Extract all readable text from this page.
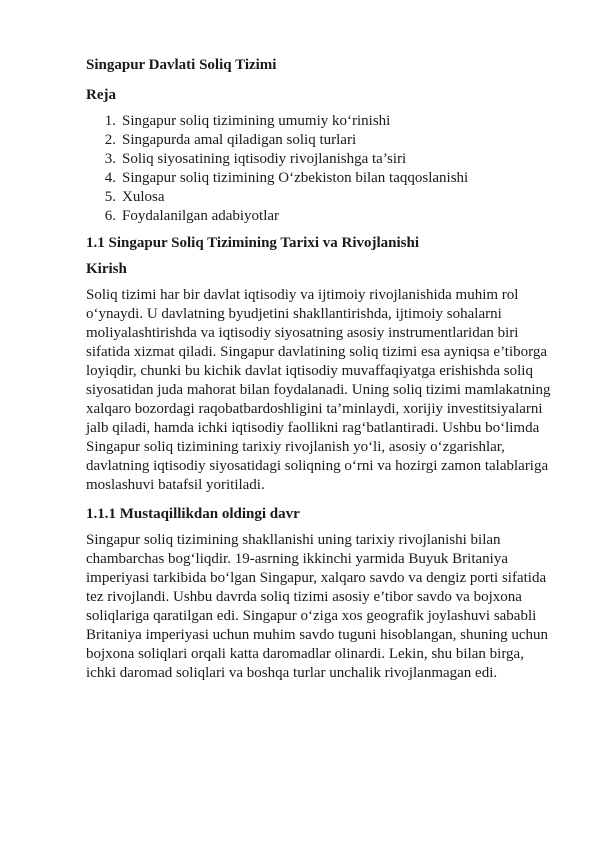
Singapur Davlati Soliq Tizimi

Reja

1. Singapur soliq tizimining umumiy ko‘rinishi
2. Singapurda amal qiladigan soliq turlari
3. Soliq siyosatining iqtisodiy rivojlanishga ta’siri
4. Singapur soliq tizimining O‘zbekiston bilan taqqoslanishi
5. Xulosa
6. Foydalanilgan adabiyotlar

1.1 Singapur Soliq Tizimining Tarixi va Rivojlanishi

Kirish

Soliq tizimi har bir davlat iqtisodiy va ijtimoiy rivojlanishida muhim rol o‘ynaydi. U davlatning byudjetini shakllantirishda, ijtimoiy sohalarni moliyalashtirishda va iqtisodiy siyosatning asosiy instrumentlaridan biri sifatida xizmat qiladi. Singapur davlatining soliq tizimi esa ayniqsa e’tiborga loyiqdir, chunki bu kichik davlat iqtisodiy muvaffaqiyatga erishishda soliq siyosatidan juda mahorat bilan foydalanadi. Uning soliq tizimi mamlakatning xalqaro bozordagi raqobatbardoshligini ta’minlaydi, xorijiy investitsiyalarni jalb qiladi, hamda ichki iqtisodiy faollikni rag‘batlantiradi. Ushbu bo‘limda Singapur soliq tizimining tarixiy rivojlanish yo‘li, asosiy o‘zgarishlar, davlatning iqtisodiy siyosatidagi soliqning o‘rni va hozirgi zamon talablariga moslashuvi batafsil yoritiladi.

1.1.1 Mustaqillikdan oldingi davr

Singapur soliq tizimining shakllanishi uning tarixiy rivojlanishi bilan chambarchas bog‘liqdir. 19-asrning ikkinchi yarmida Buyuk Britaniya imperiyasi tarkibida bo‘lgan Singapur, xalqaro savdo va dengiz porti sifatida tez rivojlandi. Ushbu davrda soliq tizimi asosiy e’tibor savdo va bojxona soliqlariga qaratilgan edi. Singapur o‘ziga xos geografik joylashuvi sababli Britaniya imperiyasi uchun muhim savdo tuguni hisoblangan, shuning uchun bojxona soliqlari orqali katta daromadlar olinardi. Lekin, shu bilan birga, ichki daromad soliqlari va boshqa turlar unchalik rivojlanmagan edi.
